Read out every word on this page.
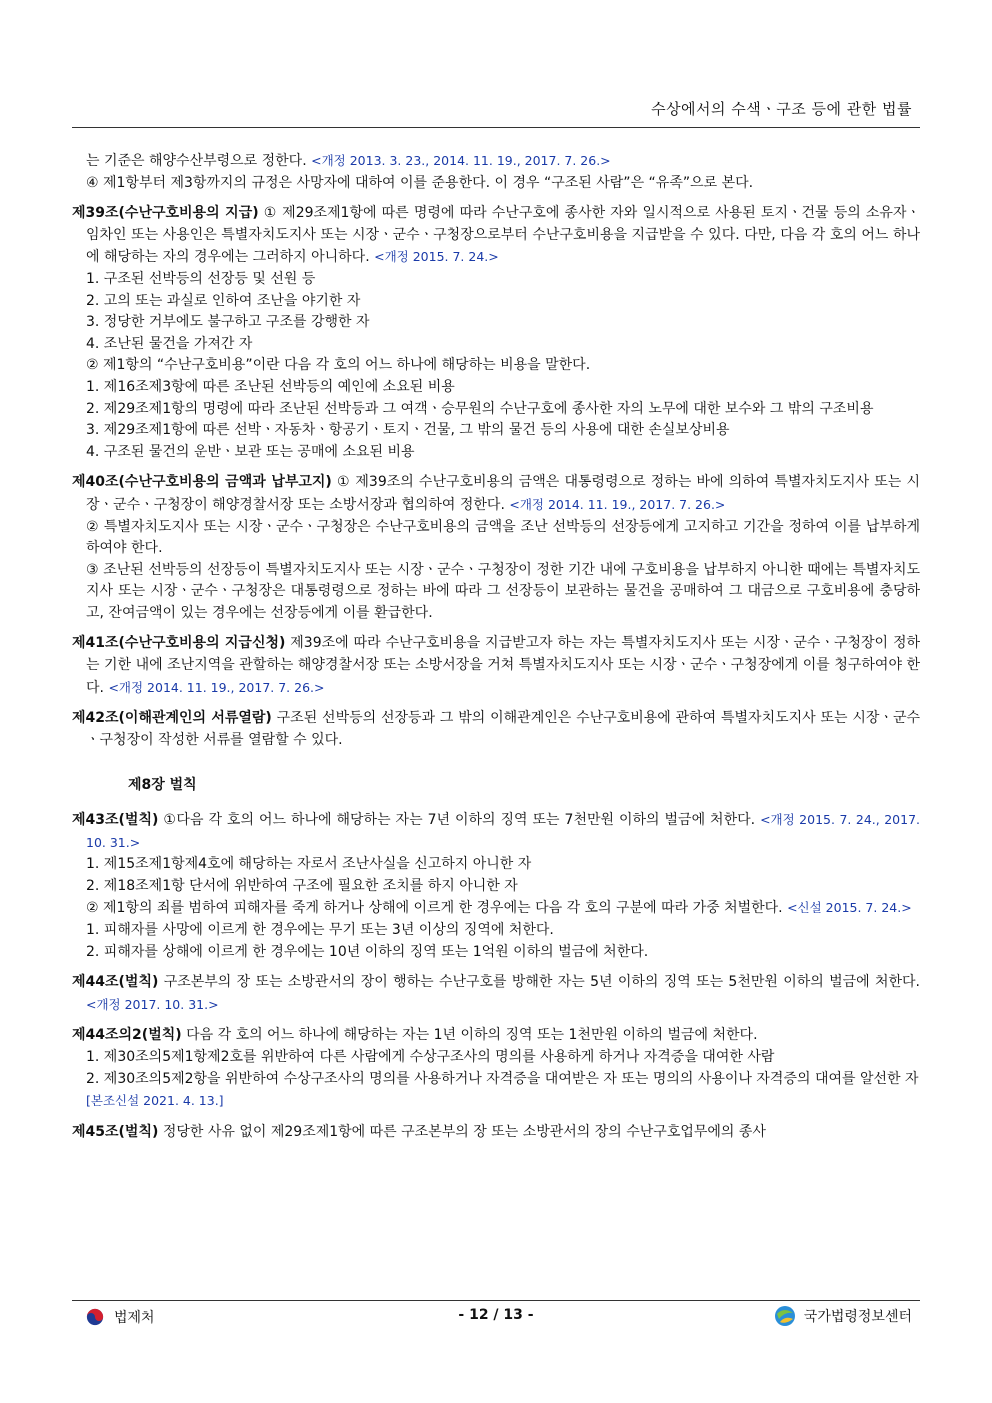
수상에서의 수색ㆍ구조 등에 관한 법률

는 기준은 해양수산부령으로 정한다. <개정 2013. 3. 23., 2014. 11. 19., 2017. 7. 26.>

④ 제1항부터 제3항까지의 규정은 사망자에 대하여 이를 준용한다. 이 경우 “구조된 사람”은 “유족”으로 본다.

제39조(수난구호비용의 지급) ① 제29조제1항에 따른 명령에 따라 수난구호에 종사한 자와 일시적으로 사용된 토지ㆍ건물 등의 소유자ㆍ임차인 또는 사용인은 특별자치도지사 또는 시장ㆍ군수ㆍ구청장으로부터 수난구호비용을 지급받을 수 있다. 다만, 다음 각 호의 어느 하나에 해당하는 자의 경우에는 그러하지 아니하다. <개정 2015. 7. 24.>

1. 구조된 선박등의 선장등 및 선원 등

2. 고의 또는 과실로 인하여 조난을 야기한 자

3. 정당한 거부에도 불구하고 구조를 강행한 자

4. 조난된 물건을 가져간 자

② 제1항의 “수난구호비용”이란 다음 각 호의 어느 하나에 해당하는 비용을 말한다.

1. 제16조제3항에 따른 조난된 선박등의 예인에 소요된 비용

2. 제29조제1항의 명령에 따라 조난된 선박등과 그 여객ㆍ승무원의 수난구호에 종사한 자의 노무에 대한 보수와 그 밖의 구조비용

3. 제29조제1항에 따른 선박ㆍ자동차ㆍ항공기ㆍ토지ㆍ건물, 그 밖의 물건 등의 사용에 대한 손실보상비용

4. 구조된 물건의 운반ㆍ보관 또는 공매에 소요된 비용

제40조(수난구호비용의 금액과 납부고지) ① 제39조의 수난구호비용의 금액은 대통령령으로 정하는 바에 의하여 특별자치도지사 또는 시장ㆍ군수ㆍ구청장이 해양경찰서장 또는 소방서장과 협의하여 정한다. <개정 2014. 11. 19., 2017. 7. 26.>

② 특별자치도지사 또는 시장ㆍ군수ㆍ구청장은 수난구호비용의 금액을 조난 선박등의 선장등에게 고지하고 기간을 정하여 이를 납부하게 하여야 한다.

③ 조난된 선박등의 선장등이 특별자치도지사 또는 시장ㆍ군수ㆍ구청장이 정한 기간 내에 구호비용을 납부하지 아니한 때에는 특별자치도지사 또는 시장ㆍ군수ㆍ구청장은 대통령령으로 정하는 바에 따라 그 선장등이 보관하는 물건을 공매하여 그 대금으로 구호비용에 충당하고, 잔여금액이 있는 경우에는 선장등에게 이를 환급한다.

제41조(수난구호비용의 지급신청) 제39조에 따라 수난구호비용을 지급받고자 하는 자는 특별자치도지사 또는 시장ㆍ군수ㆍ구청장이 정하는 기한 내에 조난지역을 관할하는 해양경찰서장 또는 소방서장을 거쳐 특별자치도지사 또는 시장ㆍ군수ㆍ구청장에게 이를 청구하여야 한다. <개정 2014. 11. 19., 2017. 7. 26.>

제42조(이해관계인의 서류열람) 구조된 선박등의 선장등과 그 밖의 이해관계인은 수난구호비용에 관하여 특별자치도지사 또는 시장ㆍ군수ㆍ구청장이 작성한 서류를 열람할 수 있다.

제8장 벌칙

제43조(벌칙) ①다음 각 호의 어느 하나에 해당하는 자는 7년 이하의 징역 또는 7천만원 이하의 벌금에 처한다. <개정 2015. 7. 24., 2017. 10. 31.>

1. 제15조제1항제4호에 해당하는 자로서 조난사실을 신고하지 아니한 자

2. 제18조제1항 단서에 위반하여 구조에 필요한 조치를 하지 아니한 자

② 제1항의 죄를 범하여 피해자를 죽게 하거나 상해에 이르게 한 경우에는 다음 각 호의 구분에 따라 가중 처벌한다. <신설 2015. 7. 24.>

1. 피해자를 사망에 이르게 한 경우에는 무기 또는 3년 이상의 징역에 처한다.

2. 피해자를 상해에 이르게 한 경우에는 10년 이하의 징역 또는 1억원 이하의 벌금에 처한다.

제44조(벌칙) 구조본부의 장 또는 소방관서의 장이 행하는 수난구호를 방해한 자는 5년 이하의 징역 또는 5천만원 이하의 벌금에 처한다. <개정 2017. 10. 31.>

제44조의2(벌칙) 다음 각 호의 어느 하나에 해당하는 자는 1년 이하의 징역 또는 1천만원 이하의 벌금에 처한다.

1. 제30조의5제1항제2호를 위반하여 다른 사람에게 수상구조사의 명의를 사용하게 하거나 자격증을 대여한 사람

2. 제30조의5제2항을 위반하여 수상구조사의 명의를 사용하거나 자격증을 대여받은 자 또는 명의의 사용이나 자격증의 대여를 알선한 자

[본조신설 2021. 4. 13.]

제45조(벌칙) 정당한 사유 없이 제29조제1항에 따른 구조본부의 장 또는 소방관서의 장의 수난구호업무에의 종사

법제처	- 12 / 13 -	국가법령정보센터
